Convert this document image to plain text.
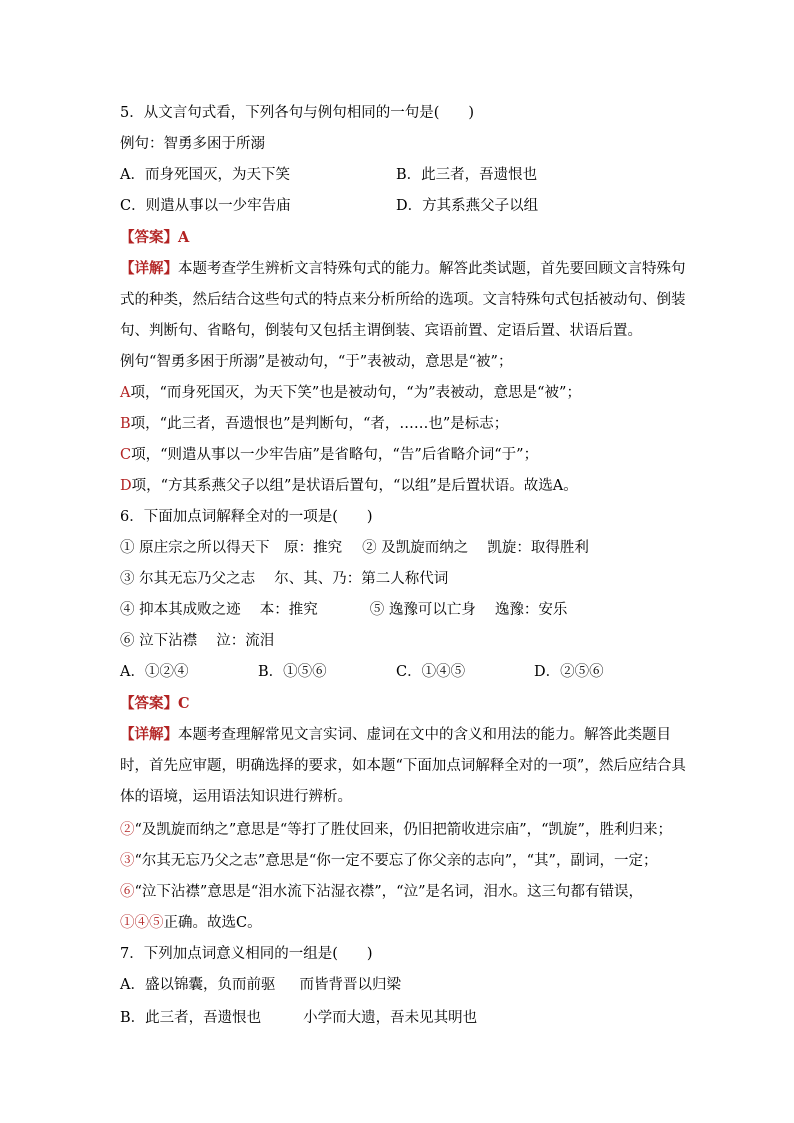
5．从文言句式看，下列各句与例句相同的一句是(　　)
例句：智勇多困于所溺
A．而身死国灭，为天下笑	B．此三者，吾遗恨也
C．则遣从事以一少牢告庙	D．方其系燕父子以组
【答案】A
【详解】本题考查学生辨析文言特殊句式的能力。解答此类试题，首先要回顾文言特殊句
式的种类，然后结合这些句式的特点来分析所给的选项。文言特殊句式包括被动句、倒装
句、判断句、省略句，倒装句又包括主谓倒装、宾语前置、定语后置、状语后置。
例句“智勇多困于所溺”是被动句，“于”表被动，意思是“被”；
A项，“而身死国灭，为天下笑”也是被动句，“为”表被动，意思是“被”；
B项，“此三者，吾遗恨也”是判断句，“者，……也”是标志；
C项，“则遣从事以一少牢告庙”是省略句，“告”后省略介词“于”；
D项，“方其系燕父子以组”是状语后置句，“以组”是后置状语。故选A。
6．下面加点词解释全对的一项是(　　)
① 原庄宗之所以得天下　原：推究 ② 及凯旋而纳之　 凯旋：取得胜利
③ 尔其无忘乃父之志　 尔、其、乃：第二人称代词
④ 抑本其成败之迹　 本：推究	⑤ 逸豫可以亡身　 逸豫：安乐
⑥ 泣下沾襟　 泣：流泪
A．①②④	B．①⑤⑥	C．①④⑤	D．②⑤⑥
【答案】C
【详解】本题考查理解常见文言实词、虚词在文中的含义和用法的能力。解答此类题目
时，首先应审题，明确选择的要求，如本题“下面加点词解释全对的一项”，然后应结合具
体的语境，运用语法知识进行辨析。
②“及凯旋而纳之”意思是“等打了胜仗回来，仍旧把箭收进宗庙”，“凯旋”，胜利归来；
③“尔其无忘乃父之志”意思是“你一定不要忘了你父亲的志向”，“其”，副词，一定；
⑥“泣下沾襟”意思是“泪水流下沾湿衣襟”，“泣”是名词，泪水。这三句都有错误，
①④⑤正确。故选C。
7．下列加点词意义相同的一组是(　　)
A．盛以锦囊，负而前驱 而皆背晋以归梁
B．此三者，吾遗恨也	小学而大遗，吾未见其明也
